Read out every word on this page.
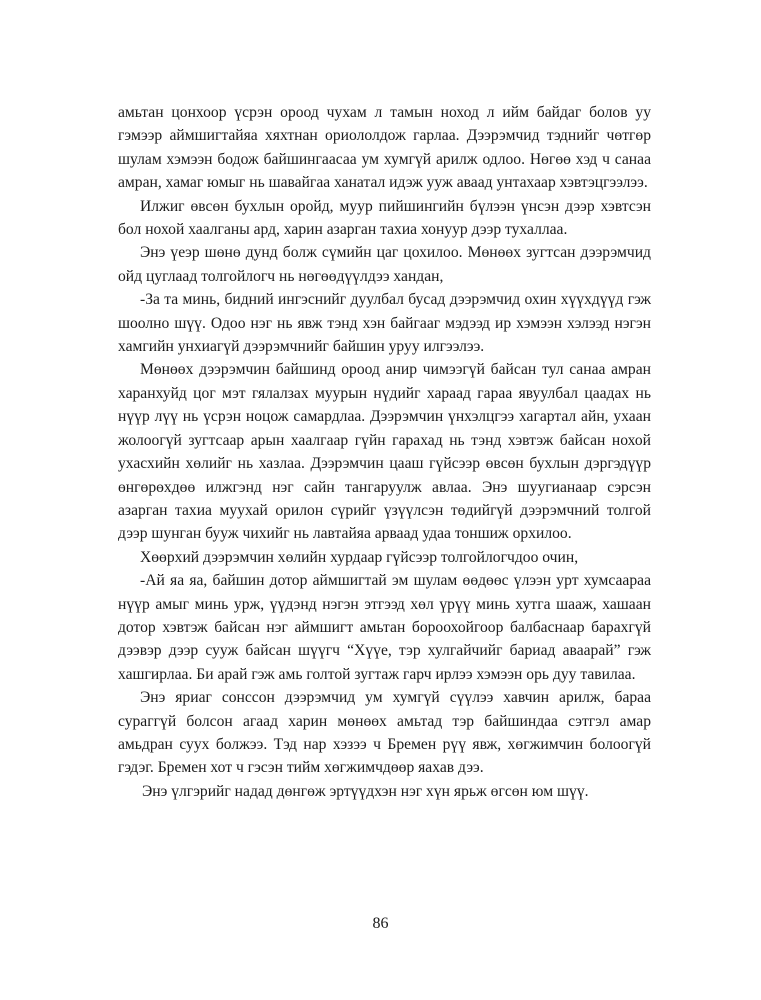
амьтан цонхоор үсрэн ороод чухам л тамын ноход л ийм байдаг болов уу гэмээр аймшигтайяа хяхтнан ориололдож гарлаа. Дээрэмчид тэднийг чөтгөр шулам хэмээн бодож байшингаасаа ум хумгүй арилж одлоо. Нөгөө хэд ч санаа амран, хамаг юмыг нь шавайгаа ханатал идэж ууж аваад унтахаар хэвтэцгээлээ.

Илжиг өвсөн бухлын оройд, муур пийшингийн бүлээн үнсэн дээр хэвтсэн бол нохой хаалганы ард, харин азарган тахиа хонуур дээр тухаллаа.

Энэ үеэр шөнө дунд болж сүмийн цаг цохилоо. Мөнөөх зугтсан дээрэмчид ойд цуглаад толгойлогч нь нөгөөдүүлдээ хандан,

-За та минь, бидний ингэснийг дуулбал бусад дээрэмчид охин хүүхдүүд гэж шоолно шүү. Одоо нэг нь явж тэнд хэн байгааг мэдээд ир хэмээн хэлээд нэгэн хамгийн унхиагүй дээрэмчнийг байшин уруу илгээлээ.

Мөнөөх дээрэмчин байшинд ороод анир чимээгүй байсан тул санаа амран харанхуйд цог мэт гялалзах муурын нүдийг хараад гараа явуулбал цаадах нь нүүр лүү нь үсрэн ноцож самардлаа. Дээрэмчин үнхэлцгээ хагартал айн, ухаан жолоогүй зугтсаар арын хаалгаар гүйн гарахад нь тэнд хэвтэж байсан нохой ухасхийн хөлийг нь хазлаа. Дээрэмчин цааш гүйсээр өвсөн бухлын дэргэдүүр өнгөрөхдөө илжгэнд нэг сайн тангаруулж авлаа. Энэ шуугианаар сэрсэн азарган тахиа муухай орилон сүрийг үзүүлсэн төдийгүй дээрэмчний толгой дээр шунган бууж чихийг нь лавтайяа арваад удаа тоншиж орхилоо.

Хөөрхий дээрэмчин хөлийн хурдаар гүйсээр толгойлогчдоо очин,

-Ай яа яа, байшин дотор аймшигтай эм шулам өөдөөс үлээн урт хумсаараа нүүр амыг минь урж, үүдэнд нэгэн этгээд хөл үрүү минь хутга шааж, хашаан дотор хэвтэж байсан нэг аймшигт амьтан бороохойгоор балбаснаар барахгүй дээвэр дээр сууж байсан шүүгч “Хүүе, тэр хулгайчийг бариад аваарай” гэж хашгирлаа. Би арай гэж амь голтой зугтаж гарч ирлээ хэмээн орь дуу тавилаа.

Энэ яриаг сонссон дээрэмчид ум хумгүй сүүлээ хавчин арилж, бараа сураггүй болсон агаад харин мөнөөх амьтад тэр байшиндаа сэтгэл амар амьдран суух болжээ. Тэд нар хэзээ ч Бремен рүү явж, хөгжимчин болоогүй гэдэг. Бремен хот ч гэсэн тийм хөгжимчдөөр яахав дээ.

Энэ үлгэрийг надад дөнгөж эртүүдхэн нэг хүн ярьж өгсөн юм шүү.

86
